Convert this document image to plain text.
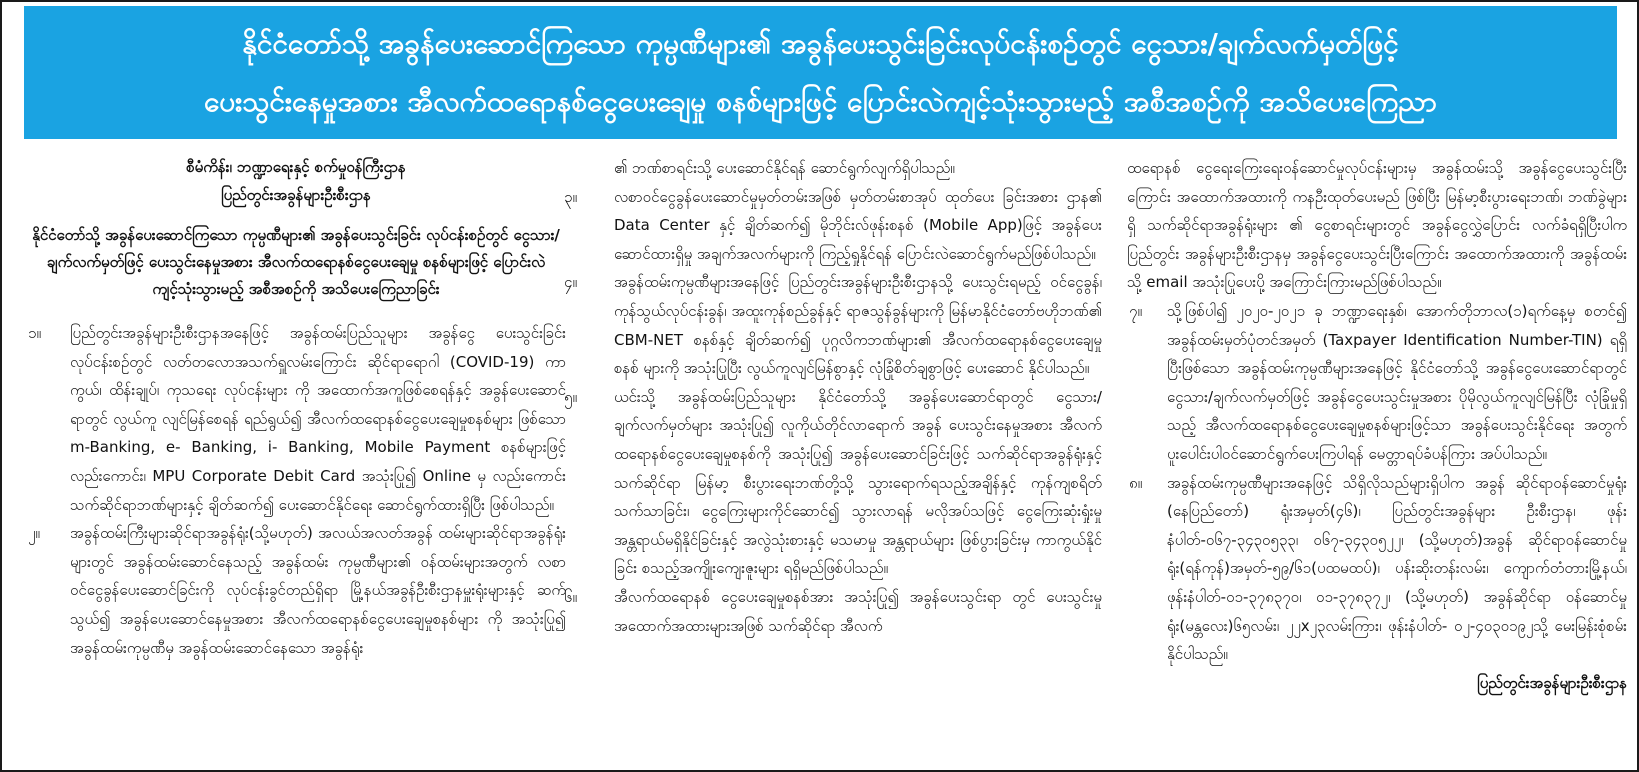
နိုင်ငံတော်သို့ အခွန်ပေးဆောင်ကြသော ကုမ္ပဏီများ၏ အခွန်ပေးသွင်းခြင်းလုပ်ငန်းစဉ်တွင် ငွေသား/ချက်လက်မှတ်ဖြင့်
ပေးသွင်းနေမှုအစား အီလက်ထရောနစ်ငွေပေးချေမှု စနစ်များဖြင့် ပြောင်းလဲကျင့်သုံးသွားမည့် အစီအစဉ်ကို အသိပေးကြေညာ
စီမံကိန်း၊ ဘဏ္ဍာရေးနှင့် စက်မှုဝန်ကြီးဌာန
ပြည်တွင်းအခွန်များဦးစီးဌာန
နိုင်ငံတော်သို့ အခွန်ပေးဆောင်ကြသော ကုမ္ပဏီများ၏ အခွန်ပေးသွင်းခြင်း လုပ်ငန်းစဉ်တွင် ငွေသား/ချက်လက်မှတ်ဖြင့် ပေးသွင်းနေမှုအစား အီလက်ထရောနစ်ငွေပေးချေမှု စနစ်များဖြင့် ပြောင်းလဲကျင့်သုံးသွားမည့် အစီအစဉ်ကို အသိပေးကြေညာခြင်း

၁။	ပြည်တွင်းအခွန်များဦးစီးဌာနအနေဖြင့် အခွန်ထမ်းပြည်သူများ အခွန်ငွေ ပေးသွင်းခြင်း လုပ်ငန်းစဉ်တွင် လတ်တလောအသက်ရှူလမ်းကြောင်း ဆိုင်ရာရောဂါ (COVID-19) ကာကွယ်၊ ထိန်းချုပ်၊ ကုသရေး လုပ်ငန်းများ ကို အထောက်အကူဖြစ်စေရန်နှင့် အခွန်ပေးဆောင်ရာတွင် လွယ်ကူ လျင်မြန်စေရန် ရည်ရွယ်၍ အီလက်ထရောနစ်ငွေပေးချေမှုစနစ်များ ဖြစ်သော m-Banking, e- Banking, i- Banking, Mobile Payment စနစ်များဖြင့်လည်းကောင်း၊ MPU Corporate Debit Card အသုံးပြု၍ Online မှ လည်းကောင်း သက်ဆိုင်ရာဘဏ်များနှင့် ချိတ်ဆက်၍ ပေးဆောင်နိုင်ရေး ဆောင်ရွက်ထားရှိပြီး ဖြစ်ပါသည်။

၂။	အခွန်ထမ်းကြီးများဆိုင်ရာအခွန်ရုံး(သို့မဟုတ်) အလယ်အလတ်အခွန် ထမ်းများဆိုင်ရာအခွန်ရုံးများတွင် အခွန်ထမ်းဆောင်နေသည့် အခွန်ထမ်း ကုမ္ပဏီများ၏ ဝန်ထမ်းများအတွက် လစာဝင်ငွေခွန်ပေးဆောင်ခြင်းကို လုပ်ငန်းခွင်တည်ရှိရာ မြို့နယ်အခွန်ဦးစီးဌာနမှူးရုံးများနှင့် ဆက်သွယ်၍ အခွန်ပေးဆောင်နေမှုအစား အီလက်ထရောနစ်ငွေပေးချေမှုစနစ်များ ကို အသုံးပြု၍ အခွန်ထမ်းကုမ္ပဏီမှ အခွန်ထမ်းဆောင်နေသော အခွန်ရုံး

၏ ဘဏ်စာရင်းသို့ ပေးဆောင်နိုင်ရန် ဆောင်ရွက်လျက်ရှိပါသည်။

၃။	လစာဝင်ငွေခွန်ပေးဆောင်မှုမှတ်တမ်းအဖြစ် မှတ်တမ်းစာအုပ် ထုတ်ပေး ခြင်းအစား ဌာန၏ Data Center နှင့် ချိတ်ဆက်၍ မိုဘိုင်းလ်ဖုန်းစနစ် (Mobile App)ဖြင့် အခွန်ပေးဆောင်ထားရှိမှု အချက်အလက်များကို ကြည့်ရှုနိုင်ရန် ပြောင်းလဲဆောင်ရွက်မည်ဖြစ်ပါသည်။

၄။	အခွန်ထမ်းကုမ္ပဏီများအနေဖြင့် ပြည်တွင်းအခွန်များဦးစီးဌာနသို့ ပေးသွင်းရမည့် ဝင်ငွေခွန်၊ ကုန်သွယ်လုပ်ငန်းခွန်၊ အထူးကုန်စည်ခွန်နှင့် ရာဇသွန်ခွန်များကို မြန်မာနိုင်ငံတော်ဗဟိုဘဏ်၏ CBM-NET စနစ်နှင့် ချိတ်ဆက်၍ ပုဂ္ဂလိကဘဏ်များ၏ အီလက်ထရောနစ်ငွေပေးချေမှုစနစ် များကို အသုံးပြုပြီး လွယ်ကူလျင်မြန်စွာနှင့် လုံခြုံစိတ်ချစွာဖြင့် ပေးဆောင် နိုင်ပါသည်။

၅။	ယင်းသို့ အခွန်ထမ်းပြည်သူများ နိုင်ငံတော်သို့ အခွန်ပေးဆောင်ရာတွင် ငွေသား/ ချက်လက်မှတ်များ အသုံးပြု၍ လူကိုယ်တိုင်လာရောက် အခွန် ပေးသွင်းနေမှုအစား အီလက်ထရောနစ်ငွေပေးချေမှုစနစ်ကို အသုံးပြု၍ အခွန်ပေးဆောင်ခြင်းဖြင့် သက်ဆိုင်ရာအခွန်ရုံးနှင့် သက်ဆိုင်ရာ မြန်မာ့ စီးပွားရေးဘဏ်တို့သို့ သွားရောက်ရသည့်အချိန်နှင့် ကုန်ကျစရိတ် သက်သာခြင်း၊ ငွေကြေးများကိုင်ဆောင်၍ သွားလာရန် မလိုအပ်သဖြင့် ငွေကြေးဆုံးရှုံးမှု အန္တရာယ်မရှိနိုင်ခြင်းနှင့် အလွဲသုံးစားနှင့် မသမာမှု အန္တရာယ်များ ဖြစ်ပွားခြင်းမှ ကာကွယ်နိုင်ခြင်း စသည့်အကျိုးကျေးဇူးများ ရရှိမည်ဖြစ်ပါသည်။

၆။	အီလက်ထရောနစ် ငွေပေးချေမှုစနစ်အား အသုံးပြု၍ အခွန်ပေးသွင်းရာ တွင် ပေးသွင်းမှု အထောက်အထားများအဖြစ် သက်ဆိုင်ရာ အီလက်

ထရောနစ် ငွေရေးကြေးရေးဝန်ဆောင်မှုလုပ်ငန်းများမှ အခွန်ထမ်းသို့ အခွန်ငွေပေးသွင်းပြီးကြောင်း အထောက်အထားကို ကနဦးထုတ်ပေးမည် ဖြစ်ပြီး မြန်မာ့စီးပွားရေးဘဏ်၊ ဘဏ်ခွဲများရှိ သက်ဆိုင်ရာအခွန်ရုံးများ ၏ ငွေစာရင်းများတွင် အခွန်ငွေလွှဲပြောင်း လက်ခံရရှိပြီးပါက ပြည်တွင်း အခွန်များဦးစီးဌာနမှ အခွန်ငွေပေးသွင်းပြီးကြောင်း အထောက်အထားကို အခွန်ထမ်းသို့ email အသုံးပြုပေးပို့ အကြောင်းကြားမည်ဖြစ်ပါသည်။

၇။	သို့ဖြစ်ပါ၍ ၂၀၂၀-၂၀၂၁ ခု ဘဏ္ဍာရေးနှစ်၊ အောက်တိုဘာလ(၁)ရက်နေ့မှ စတင်၍ အခွန်ထမ်းမှတ်ပုံတင်အမှတ် (Taxpayer Identification Number-TIN) ရရှိပြီးဖြစ်သော အခွန်ထမ်းကုမ္ပဏီများအနေဖြင့် နိုင်ငံတော်သို့ အခွန်ငွေပေးဆောင်ရာတွင် ငွေသား/ချက်လက်မှတ်ဖြင့် အခွန်ငွေပေးသွင်းမှုအစား ပိုမိုလွယ်ကူလျင်မြန်ပြီး လုံခြုံမှုရှိသည့် အီလက်ထရောနစ်ငွေပေးချေမှုစနစ်များဖြင့်သာ အခွန်ပေးသွင်းနိုင်ရေး အတွက် ပူးပေါင်းပါဝင်ဆောင်ရွက်ပေးကြပါရန် မေတ္တာရပ်ခံပန်ကြား အပ်ပါသည်။

၈။	အခွန်ထမ်းကုမ္ပဏီများအနေဖြင့် သိရှိလိုသည်များရှိပါက အခွန် ဆိုင်ရာဝန်ဆောင်မှုရုံး (နေပြည်တော်) ရုံးအမှတ်(၄၆)၊ ပြည်တွင်းအခွန်များ ဦးစီးဌာန၊ ဖုန်းနံပါတ်-၀၆၇-၃၄၃၀၅၃၃၊ ၀၆၇-၃၄၃၀၅၂၂၊ (သို့မဟုတ်)အခွန် ဆိုင်ရာဝန်ဆောင်မှုရုံး(ရန်ကုန်)အမှတ်-၅၉/၆၁(ပထမထပ်)၊ ပန်းဆိုးတန်းလမ်း၊ ကျောက်တံတားမြို့နယ်၊ ဖုန်းနံပါတ်-၀၁-၃၇၈၃၇၀၊ ၀၁-၃၇၈၃၇၂၊ (သို့မဟုတ်) အခွန်ဆိုင်ရာ ဝန်ဆောင်မှုရုံး(မန္တလေး)၆၅လမ်း၊ ၂၂x၂၃လမ်းကြား၊ ဖုန်းနံပါတ်- ၀၂-၄၀၃၀၁၉၂သို့ မေးမြန်းစုံစမ်းနိုင်ပါသည်။

ပြည်တွင်းအခွန်များဦးစီးဌာန
